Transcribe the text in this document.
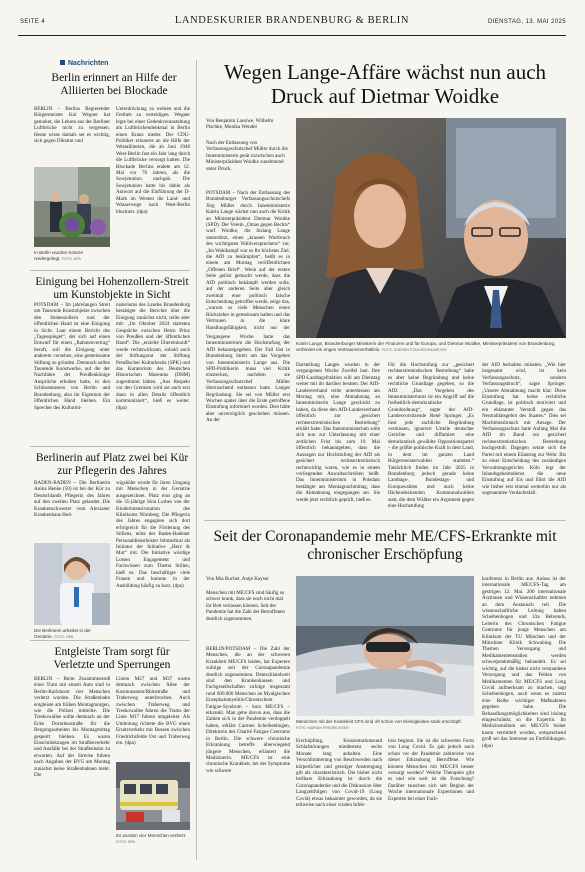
SEITE 4	LANDESKURIER BRANDENBURG & BERLIN	DIENSTAG, 13. MAI 2025
Nachrichten
Berlin erinnert an Hilfe der Alliierten bei Blockade
BERLIN – Berlins Regierender Bürgermeister Kai Wegner hat gemahnt, die Lehren aus der Berliner Luftbrücke nicht zu vergessen. Heute wisse damals set es wichtig, sich gegen Diktatur und
In Berlin wurden Kränze niedergelegt. FOTO: DPA
Unterdrückung zu wehren und die Freiheit zu verteidigen. Wegner legte bei einer Gedenkveranstaltung am Luftbrückendenkmal in Berlin einen Kranz nieder. Der CDU-Politiker erinnerte an die Hilfe der Westalliierten, die ab Juni 1948 West-Berlin fast ein Jahr lang durch die Luftbrücke versorgt hatten. Die Blockade Berlins endete am 12. Mai vor 76 Jahren, als die Sowjetunion nachgab. Die Sowjetunion hatte bis dahin als Antwort auf die Einführung der D-Mark im Westen die Land- und Wasserwege nach West-Berlin blockiert. (dpa)
Einigung bei Hohenzollern-Streit um Kunstobjekte in Sicht
POTSDAM – Im jahrelangen Streit um Tausende Kunstobjekte zwischen den Hohenzollern und der öffentlichen Hand ist eine Einigung in Sicht. Laut einem Bericht des „Tagesspiegel“, der sich auf einen Entwurf für einen „Rahmenvertrag“ beruft, soll die Einigung unter anderem vorsehen, eine gemeinsame Stiftung zu gründen. Demnach sollen Tausende Kunstwerke, auf die der Nachfahre der Preußenkönige Ansprüche erhoben hatte, in den Schlossmuseen von Berlin und Brandenburg, also im Eigentum der öffentlichen Hand bleiben. Ein Sprecher des Kulturmi-
nisteriums des Landes Brandenburg bestätigte die Berichte über die Einigung zunächst nicht, teilte aber mit: „Im Oktober 2024 starteten Gespräche zwischen Herrn Prinz von Preußen und der öffentlichen Hand“. Die „erzielte Übereinkunft“ werde rechtswirksam, sobald auch der Stiftungsrat der Stiftung Preußischer Kulturbesitz (SPK) und das Kuratorium des Deutschen Historischen Museums (DHM) zugestimmt hätten. „Aus Respekt vor den Gremien wird sie auch erst dann in allen Details öffentlich kommuniziert“, hieß es weiter. (dpa)
Berlinerin auf Platz zwei bei Kür zur Pflegerin des Jahres
BADEN-BADEN – Die Berlinerin Anika Henke (50) ist bei der Kür zu Deutschlands Pflegerin des Jahres auf den zweiten Platz gelandet. Die Krankenschwester vom Alexianer Krankenhaus Hed-
Die Berlinerin arbeitet in der Geriatrie. FOTO: DPA
wigshöhe wurde für ihren Umgang mit Menschen in der Geriatrie ausgezeichnet. Platz eins ging an die 35-jährige Sina Lorbes von der Kinderintensivstation des Klinikums Nürnberg. Die Pflegerin des Jahres engagiere sich dort erfolgreich für die Förderung des Stillens, teilte der Baden-Badener Personaldienstleister Jobmedical als Initiator der Initiative „Herz & Mut“ mit. Die Initiative würdige Lotsen Engagement und Fachwissen zum Thema Stillen, hieß es. Das beschäftigte viele Frauen und komme in der Ausbildung häufig zu kurz. (dpa)
Entgleiste Tram sorgt für Verletzte und Sperrungen
BERLIN – Beim Zusammenstoß einer Tram mit einem Auto sind in Berlin-Karlshorst vier Menschen verletzt worden. Die Straßenbahn entgleiste am frühen Montagmorgen, wie die Polizei mitteilte. Die Treskowallee sollte demnach an der Ecke Dorotheastraße für die Bergungsarbeiten bis Montagmittag gesperrt bleiben. Es waren Einschränkungen im Straßenverkehr und Ausfälle bei der Straßenbahn zu erwarten. Auf der Strecke fuhren nach Angaben der BVG am Montag zunächst keine Straßenbahnen mehr. Die
Linien M27 und M37 waren demnach zwischen Allee der Kosmonauten/Rhinstraße und Traberweg unterbrochen. Auch zwischen Traberweg und Treskowallee fuhren die Trams der Linie M17 fuhren umgeleitet. Als Umleitung richtete die BVG einen Ersatzverkehr mit Bussen zwischen Friedrichsfelde Ost und Traberweg ein. (dpa)
Es wurden vier Menschen verletzt. FOTO: DPA
Wegen Lange-Affäre wächst nun auch Druck auf Dietmar Woidke
Von Benjamin Lassiwe, Wilhelm Pischke, Monika Wendel
Nach der Entlassung von Verfassungsschutzchef Müller durch die Innenministerin gerät inzwischen auch Ministerpräsident Woidke zunehmend unter Druck.
POTSDAM – Nach der Entlassung des Brandenburger Verfassungsschutzchefs Jörg Müller durch Innenministerin Katrin Lange wächst nun auch die Kritik an Ministerpräsident Dietmar Woidke (SPD). Der Verein „Omas gegen Rechts“ warf Woidke, die bislang Lange unterstützt, einen „krassen Wortbruch des wichtigsten Wahlversprechens“ vor. „Im Wahlkampf war es Ihr höchstes Ziel, die AfD zu bekämpfen“, heißt es in einem am Montag veröffentlichten „Offenen Brief“. Wenn auf der ersten Seite gelöst gemacht werde, dass die AfD politisch bekämpft werden solle, auf der anderen Seite aber gleich zweimal eine politisch falsche Entscheidung getroffen werde, zeige das, „warum so viele Menschen einen Rückzieher in gemeinsam halten und das Vertrauen in die klare Handlungsfähigkeit, nicht nur der
Vergangene Woche hatte das Innenministerium die Hochstufung der AfD bekanntgegeben. Der Fall löst in Brandenburg Streit um das Vorgehen von Innenministerin Lange aus. Die SPD-Politikerin muss viel Kritik einstecken, nachdem sie Verfassungsschutzchef Müller überraschend entlassen hatte. Langes Begründung: Sie sei von Müller erst Wochen später über die Erste getroffene Einstufung informiert worden. Dies hätte aber unverzüglich geschehen müssen. An der
Katrin Lange, Brandenburger Ministerin der Finanzen und für Europa, und Dietmar Woidke, Ministerpräsident von Brandenburg, verbindet ein enges Vertrauensverhältnis. FOTO: SOEREN STACHE/DPA/ARCHIV
Darstellung Langes wurden in der vergangenen Woche Zweifel laut. Ihre SPD-Landtagsfraktion will am Dienstag weiter mit ihr darüber beraten. Der AfD-Landesverband teilte unterdessen am Montag mit, eine Abmahnung an Innenministerin Lange geschickt zu haben, da diese den AfD-Landesverband öffentlich zur „gesichert rechtsextremistischen Bestrebung“ erklärt habe. Das Innenministerium solle sich nun zur Unterlassung mit einer zeitlichen Frist bis zum 19. Mai öffentlich bekanntgeben, dass die Aussagen zur Hochstufung der AfD als gesichert rechtsextremistisch rechtswidrig waren, wie es in einem vorliegenden Anwaltsschreiben heißt. Das Innenministerium in Potsdam bestätigte am Montagnachmittag, dass die Abmahnung eingegangen sei. Sie werde jetzt rechtlich geprüft, hieß es.
Für die Hochstufung zur „gesichert rechtsextremistischen Bestrebung“ habe es aber keine Begründung und keine rechtliche Grundlage gegeben, so die AfD. „Das Vorgehen des Innenministeriums ist ein Angriff auf die freiheitlich-demokratische Grundordnung“, sagte der AfD-Landesvorsitzende René Springer. „Es liest jede sachliche Begründung vermissen, ignoriert Urteile deutscher Gerichte und diffamiert eine demokratisch gewählte Oppositionspartei – die größte politische Kraft in dem Land, in dem im ganzen Land Bürgermeisterwahlen starteten.“ Tatsächlich finden im Jahr 2025 in Brandenburg jedoch gerade keine Landtags-, Bundestags- und Europawahlen und auch keine flächendeckenden Kommunalwahlen statt, die dem Wähler ein Argument gegen eine Hochstufung
der AfD herhalten müssten. „Wie hier insgesamt wird, ist kein Verfassungsschutz, sondern Verfassungsbruch“, sagte Springer. „Unsere Abmahnung macht klar: Diese Einstufung hat keine rechtliche Grundlage, ist politisch motiviert und ein eklatanter Verstoß gegen das Neutralitätsgebot des Staates.“ Dies sei Machtmissbrauch mit Ansage. Der Verfassungsschutz hatte Anfang Mai die AfD im Bund zur gesichert rechtsextremistischen Bestrebung hochgestuft. Dagegen setzte sich die Partei mit einem Eilantrag zur Wehr. Bis zu einer Entscheidung des zuständigen Verwaltungsgerichts Köln legt der Inlandsgeheimdienst die neue Einstufung auf Eis und führt die AfD wie bisher erst einmal weiterhin nur als sogenannten Verdachtsfall.
Seit der Coronapandemie mehr ME/CFS-Erkrankte mit chronischer Erschöpfung
Von Mia Bucher, Antje Kayser
Menschen mit ME/CFS sind häufig so schwer krank, dass sie noch nicht mal ihr Bett verlassen können. Seit der Pandemie hat die Zahl der Betroffenen deutlich zugenommen.
BERLIN/POTSDAM – Die Zahl der Menschen, die an der schweren Krankheit ME/CFS leiden, hat Experten zufolge seit der Coronapandemie deutlich zugenommen. Deutschlandweit sind den Krankenkassen und Fachgesellschaften zufolge insgesamt rund 600.000 Menschen an Myalgischen Enzephalomyelitis/Chronischem Fatigue-Syndrom – kurz ME/CFS – erkrankt. Man gehe davon aus, dass die Zahlen sich in der Pandemie verdoppelt haben, erklärt Carmen Scheibenbogen, Direktorin des Charité Fatigue Centrums in Berlin. Die schwere chronische Erkrankung betreffe überwiegend jüngere Menschen, erläutert die Medizinerin. ME/CFS ist eine chronische Krankheit, bei der Symptome wie schwere
Menschen mit der Krankheit CFS sind oft schon von Kleinigkeiten stark erschöpft. FOTO: MARIAN FREDRICKSEN
Erschöpfung, Konzentrationsund Schlafstörungen mindestens sechs Monate lang anhalten. Eine Verschlimmerung von Beschwerden nach körperlicher und geistiger Anstrengung gilt als charakteristisch. Die bisher nicht heilbare Erkrankung ist durch die Coronapandemie und die Diskussion über Langzeitfolgen von Covid-19 (Long Covid) etwas bekannter geworden, da sie teilweise nach einer viralen Infek-
tion beginnt. Sie ist die schwerste Form von Long Covid. Es gab jedoch auch schon vor der Pandemie zahlreiche von dieser Erkrankung Betroffene. Wie können Menschen mit ME/CFS besser versorgt werden? Welche Therapien gibt es und wie weit ist die Forschung? Darüber tauschen sich seit Beginn der Woche internationale Expertinnen und Experten bei einer Fach-
konferenz in Berlin aus. Anlass ist der internationale ME/CFS-Tag am gestrigen 12. Mai. 200 internationale Ärztinnen und Wissenschaftler nehmen an dem Austausch teil. Die wissenschaftliche Leitung haben Scheibenbogen und Uta Behrends, Leiterin des Chronischen Fatigue Centrums für junge Menschen am Klinikum der TU München und der Münchner Klinik Schwabing. Die Themen Versorgung und Medikamentenstudien werden schwerpunktmäßig behandelt. Es sei wichtig, auf die bisher nicht verstandene Versorgung und das Fehlen von Medikamenten für ME/CFS und Long Covid aufmerksam zu machen, sagt Scheibenbogen, auch wenn es zuletzt eine Reihe wichtiger Maßnahmen gegeben habe. Die Behandlungsmöglichkeiten sind bislang eingeschränkt, so die Expertin. Im Medizinstudium sei ME/CFS bisher kaum vermittelt worden, entsprechend groß sei das Interesse an Fortbildungen. (dpa)
